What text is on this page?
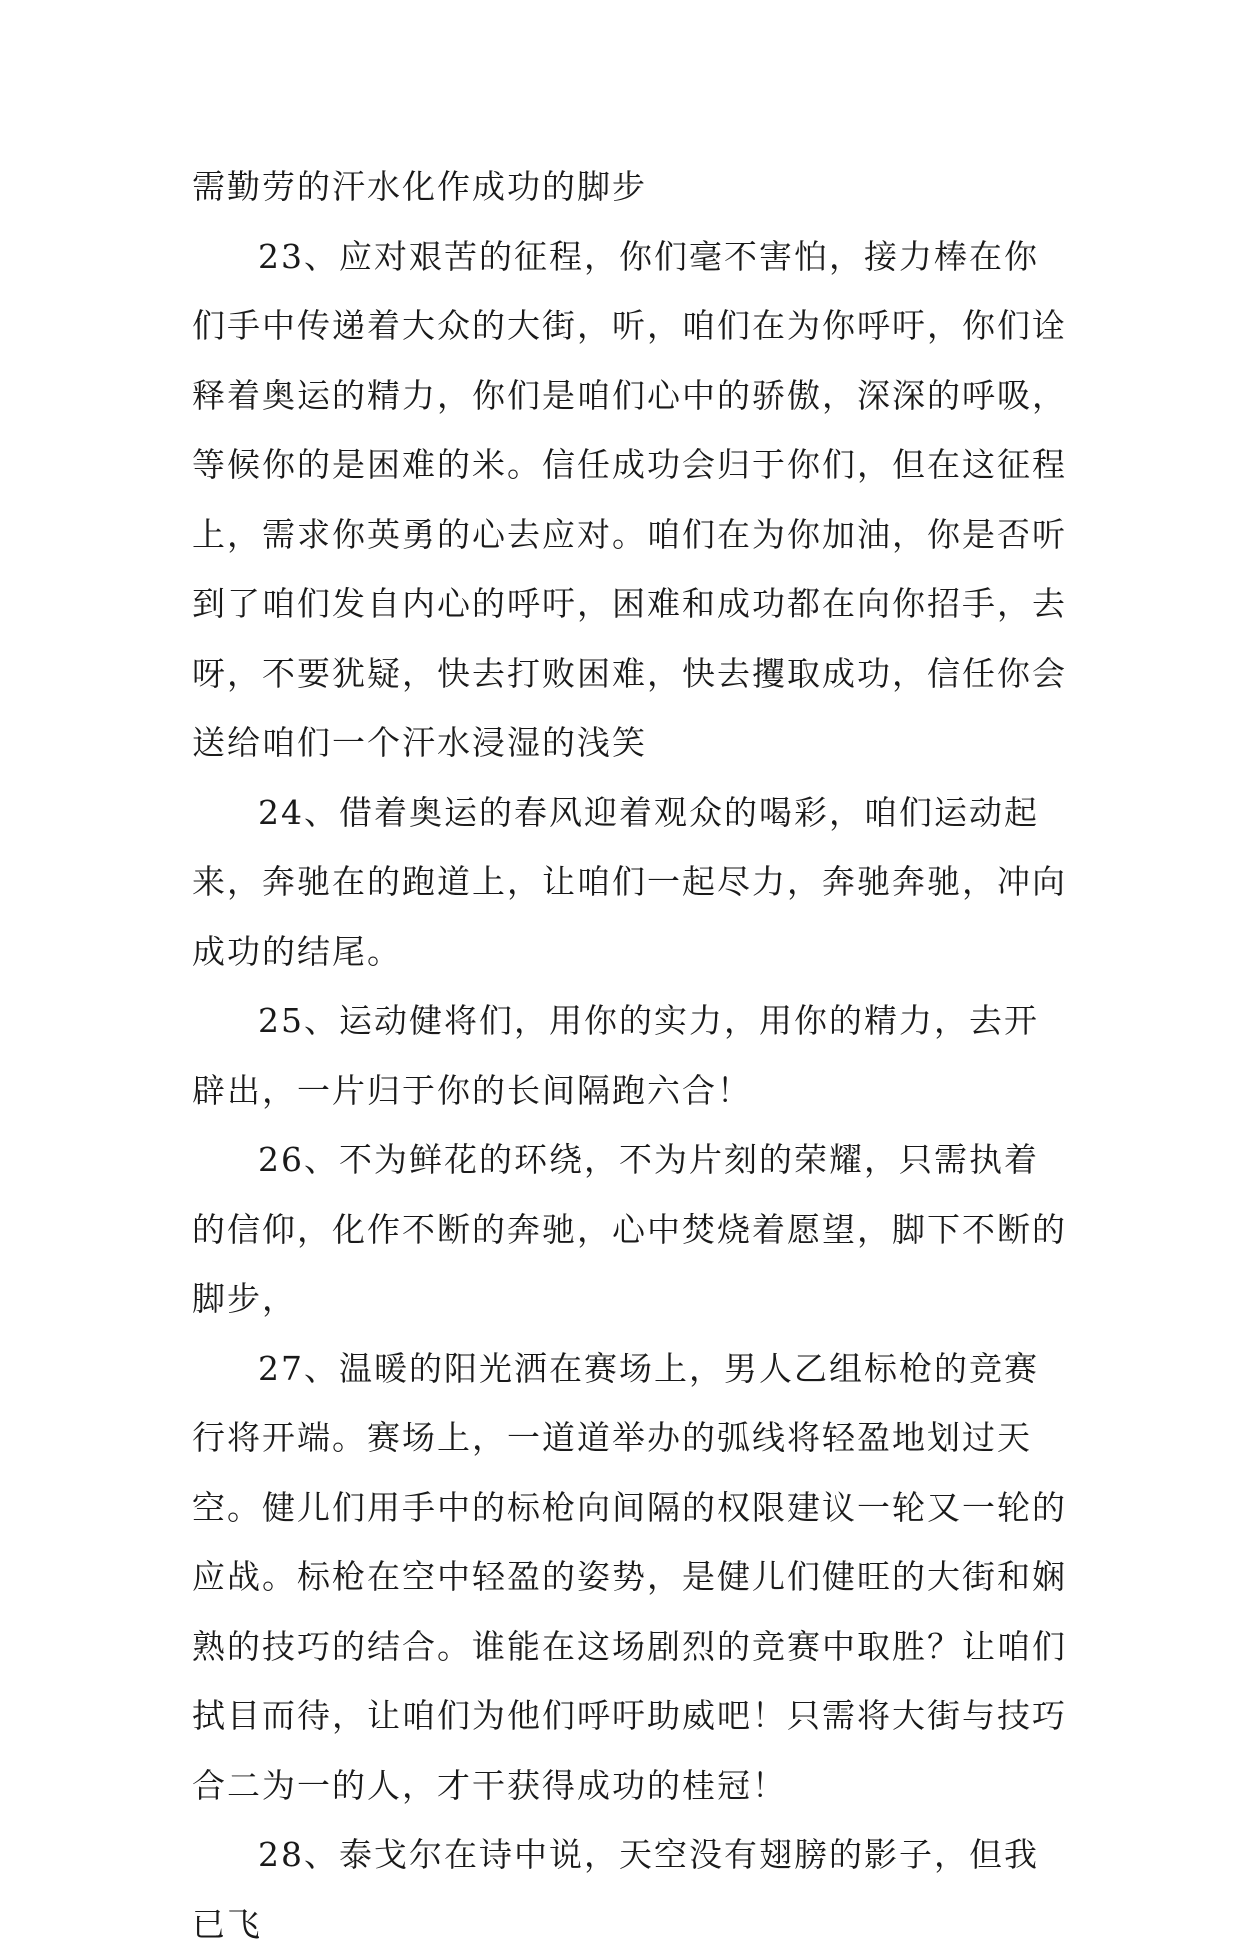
需勤劳的汗水化作成功的脚步

23、应对艰苦的征程，你们毫不害怕，接力棒在你们手中传递着大众的大街，听，咱们在为你呼吁，你们诠释着奥运的精力，你们是咱们心中的骄傲，深深的呼吸，等候你的是困难的米。信任成功会归于你们，但在这征程上，需求你英勇的心去应对。咱们在为你加油，你是否听到了咱们发自内心的呼吁，困难和成功都在向你招手，去呀，不要犹疑，快去打败困难，快去攫取成功，信任你会送给咱们一个汗水浸湿的浅笑

24、借着奥运的春风迎着观众的喝彩，咱们运动起来，奔驰在的跑道上，让咱们一起尽力，奔驰奔驰，冲向成功的结尾。

25、运动健将们，用你的实力，用你的精力，去开辟出，一片归于你的长间隔跑六合！

26、不为鲜花的环绕，不为片刻的荣耀，只需执着的信仰，化作不断的奔驰，心中焚烧着愿望，脚下不断的脚步，

27、温暖的阳光洒在赛场上，男人乙组标枪的竞赛行将开端。赛场上，一道道举办的弧线将轻盈地划过天空。健儿们用手中的标枪向间隔的权限建议一轮又一轮的应战。标枪在空中轻盈的姿势，是健儿们健旺的大街和娴熟的技巧的结合。谁能在这场剧烈的竞赛中取胜？让咱们拭目而待，让咱们为他们呼吁助威吧！只需将大街与技巧合二为一的人，才干获得成功的桂冠！

28、泰戈尔在诗中说，天空没有翅膀的影子，但我已飞
